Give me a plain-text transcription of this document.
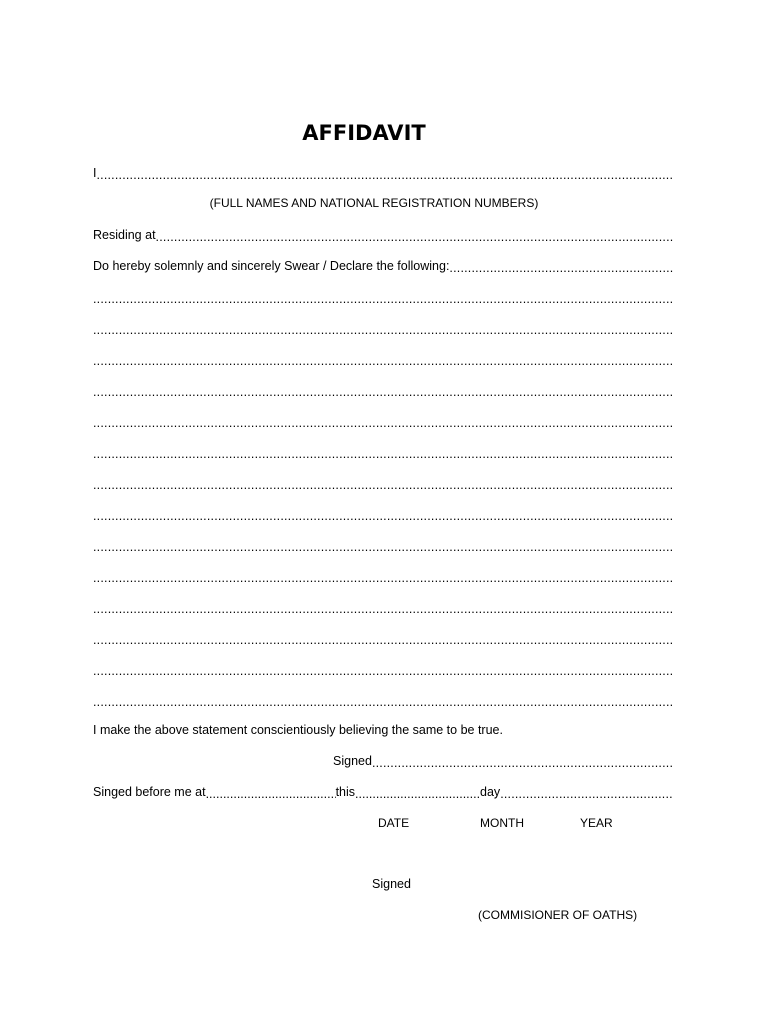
AFFIDAVIT
I
.....
(FULL NAMES AND NATIONAL REGISTRATION NUMBERS)
Residing at
.....
Do hereby solemnly and sincerely Swear / Declare the following:
.....
.....
.....
.....
.....
.....
.....
.....
.....
.....
.....
.....
.....
.....
.....
I make the above statement conscientiously believing the same to be true.
Signed
.....
Singed before me at .....	this .....	day
.....
DATE	MONTH	YEAR
Signed
(COMMISIONER OF OATHS)
